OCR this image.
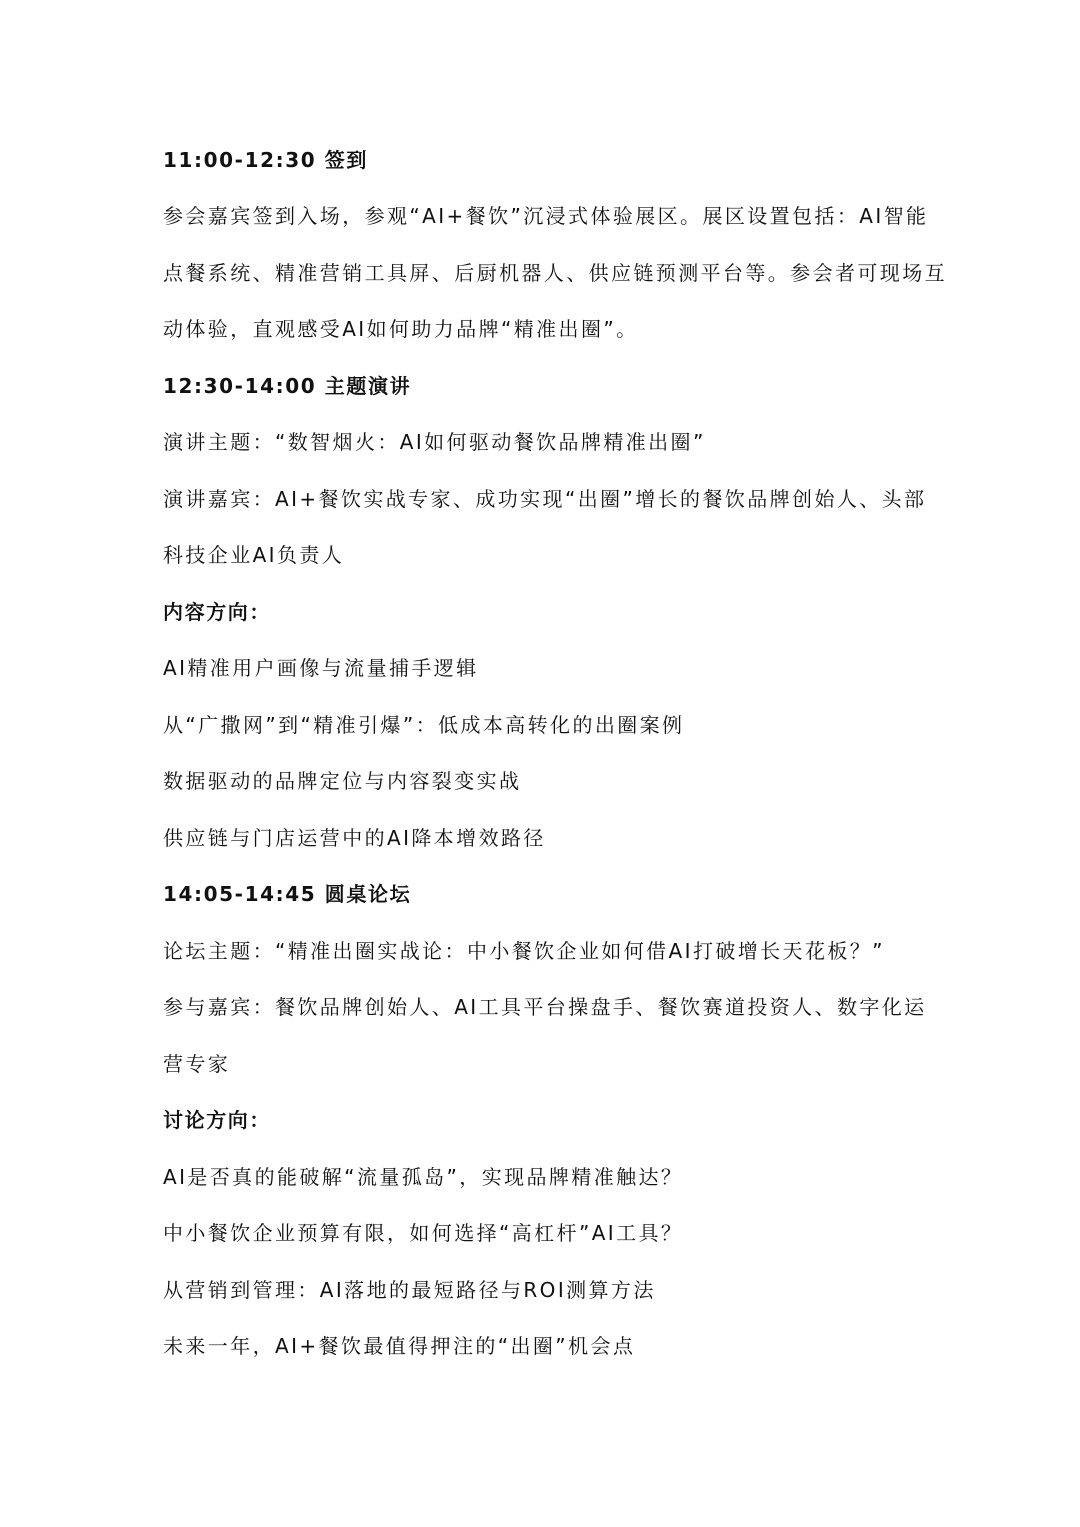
11:00-12:30 签到
参会嘉宾签到入场，参观“AI+餐饮”沉浸式体验展区。展区设置包括：AI智能
点餐系统、精准营销工具屏、后厨机器人、供应链预测平台等。参会者可现场互
动体验，直观感受AI如何助力品牌“精准出圈”。
12:30-14:00 主题演讲
演讲主题：“数智烟火：AI如何驱动餐饮品牌精准出圈”
演讲嘉宾：AI+餐饮实战专家、成功实现“出圈”增长的餐饮品牌创始人、头部
科技企业AI负责人
内容方向：
AI精准用户画像与流量捕手逻辑
从“广撒网”到“精准引爆”：低成本高转化的出圈案例
数据驱动的品牌定位与内容裂变实战
供应链与门店运营中的AI降本增效路径
14:05-14:45 圆桌论坛
论坛主题：“精准出圈实战论：中小餐饮企业如何借AI打破增长天花板？”
参与嘉宾：餐饮品牌创始人、AI工具平台操盘手、餐饮赛道投资人、数字化运
营专家
讨论方向：
AI是否真的能破解“流量孤岛”，实现品牌精准触达？
中小餐饮企业预算有限，如何选择“高杠杆”AI工具？
从营销到管理：AI落地的最短路径与ROI测算方法
未来一年，AI+餐饮最值得押注的“出圈”机会点
